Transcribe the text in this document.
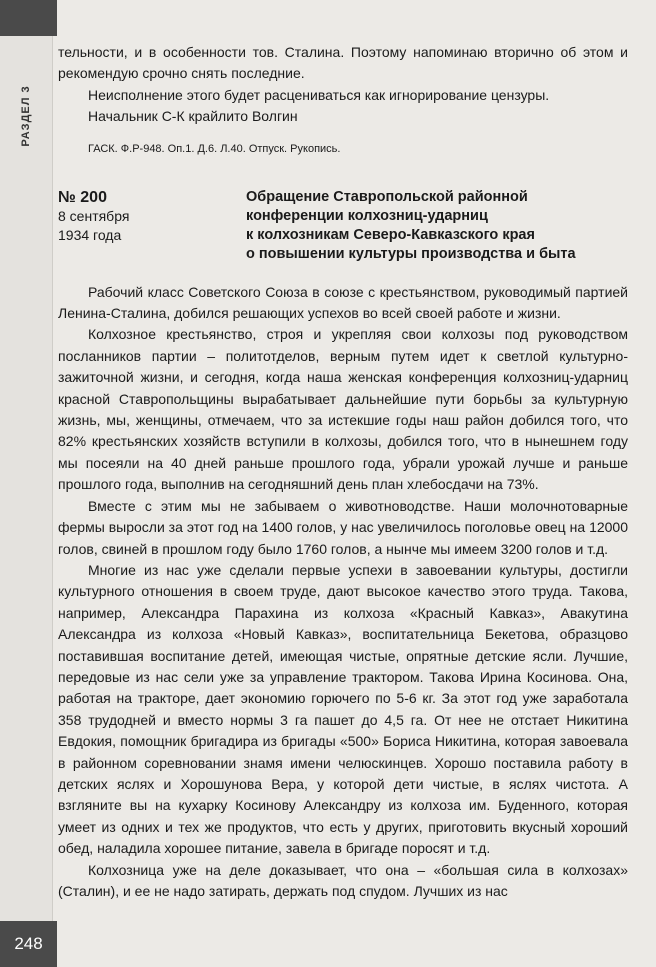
РАЗДЕЛ 3
248

тельности, и в особенности тов. Сталина. Поэтому напоминаю вторично об этом и рекомендую срочно снять последние.

Неисполнение этого будет расцениваться как игнорирование цензуры.

Начальник С-К крайлито Волгин

ГАСК. Ф.Р-948. Оп.1. Д.6. Л.40. Отпуск. Рукопись.

№ 200
8 сентября
1934 года

Обращение Ставропольской районной

конференции колхозниц-ударниц

к колхозникам Северо-Кавказского края

о повышении культуры производства и быта

Рабочий класс Советского Союза в союзе с крестьянством, руководимый партией Ленина-Сталина, добился решающих успехов во всей своей работе и жизни.

Колхозное крестьянство, строя и укрепляя свои колхозы под руководством посланников партии – политотделов, верным путем идет к светлой культурно-зажиточной жизни, и сегодня, когда наша женская конференция колхозниц-ударниц красной Ставропольщины вырабатывает дальнейшие пути борьбы за культурную жизнь, мы, женщины, отмечаем, что за истекшие годы наш район добился того, что 82% крестьянских хозяйств вступили в колхозы, добился того, что в нынешнем году мы посеяли на 40 дней раньше прошлого года, убрали урожай лучше и раньше прошлого года, выполнив на сегодняшний день план хлебосдачи на 73%.

Вместе с этим мы не забываем о животноводстве. Наши молочнотоварные фермы выросли за этот год на 1400 голов, у нас увеличилось поголовье овец на 12000 голов, свиней в прошлом году было 1760 голов, а нынче мы имеем 3200 голов и т.д.

Многие из нас уже сделали первые успехи в завоевании культуры, достигли культурного отношения в своем труде, дают высокое качество этого труда. Такова, например, Александра Парахина из колхоза «Красный Кавказ», Авакутина Александра из колхоза «Новый Кавказ», воспитательница Бекетова, образцово поставившая воспитание детей, имеющая чистые, опрятные детские ясли. Лучшие, передовые из нас сели уже за управление трактором. Такова Ирина Косинова. Она, работая на тракторе, дает экономию горючего по 5-6 кг. За этот год уже заработала 358 трудодней и вместо нормы 3 га пашет до 4,5 га. От нее не отстает Никитина Евдокия, помощник бригадира из бригады «500» Бориса Никитина, которая завоевала в районном соревновании знамя имени челюскинцев. Хорошо поставила работу в детских яслях и Хорошунова Вера, у которой дети чистые, в яслях чистота. А взгляните вы на кухарку Косинову Александру из колхоза им. Буденного, которая умеет из одних и тех же продуктов, что есть у других, приготовить вкусный хороший обед, наладила хорошее питание, завела в бригаде поросят и т.д.

Колхозница уже на деле доказывает, что она – «большая сила в колхозах» (Сталин), и ее не надо затирать, держать под спудом. Лучших из нас
